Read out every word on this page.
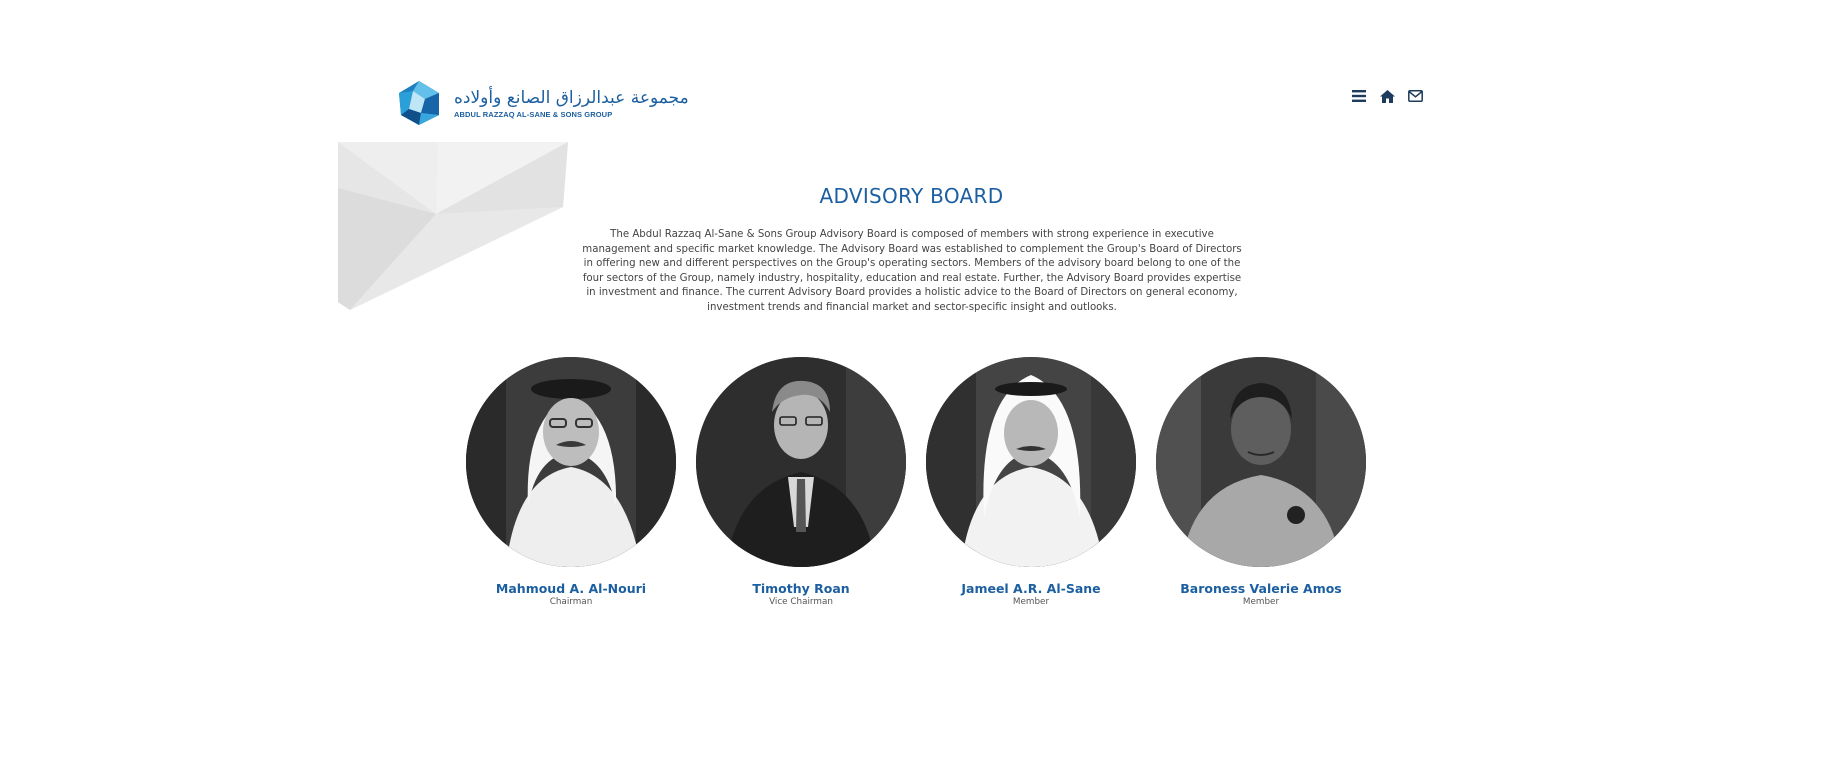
مجموعة عبدالرزاق الصانع وأولاده
ABDUL RAZZAQ AL-SANE & SONS GROUP
ADVISORY BOARD
The Abdul Razzaq Al-Sane & Sons Group Advisory Board is composed of members with strong experience in executive management and specific market knowledge. The Advisory Board was established to complement the Group's Board of Directors in offering new and different perspectives on the Group's operating sectors. Members of the advisory board belong to one of the four sectors of the Group, namely industry, hospitality, education and real estate. Further, the Advisory Board provides expertise in investment and finance. The current Advisory Board provides a holistic advice to the Board of Directors on general economy, investment trends and financial market and sector-specific insight and outlooks.
Mahmoud A. Al-Nouri
Chairman
Timothy Roan
Vice Chairman
Jameel A.R. Al-Sane
Member
Baroness Valerie Amos
Member
